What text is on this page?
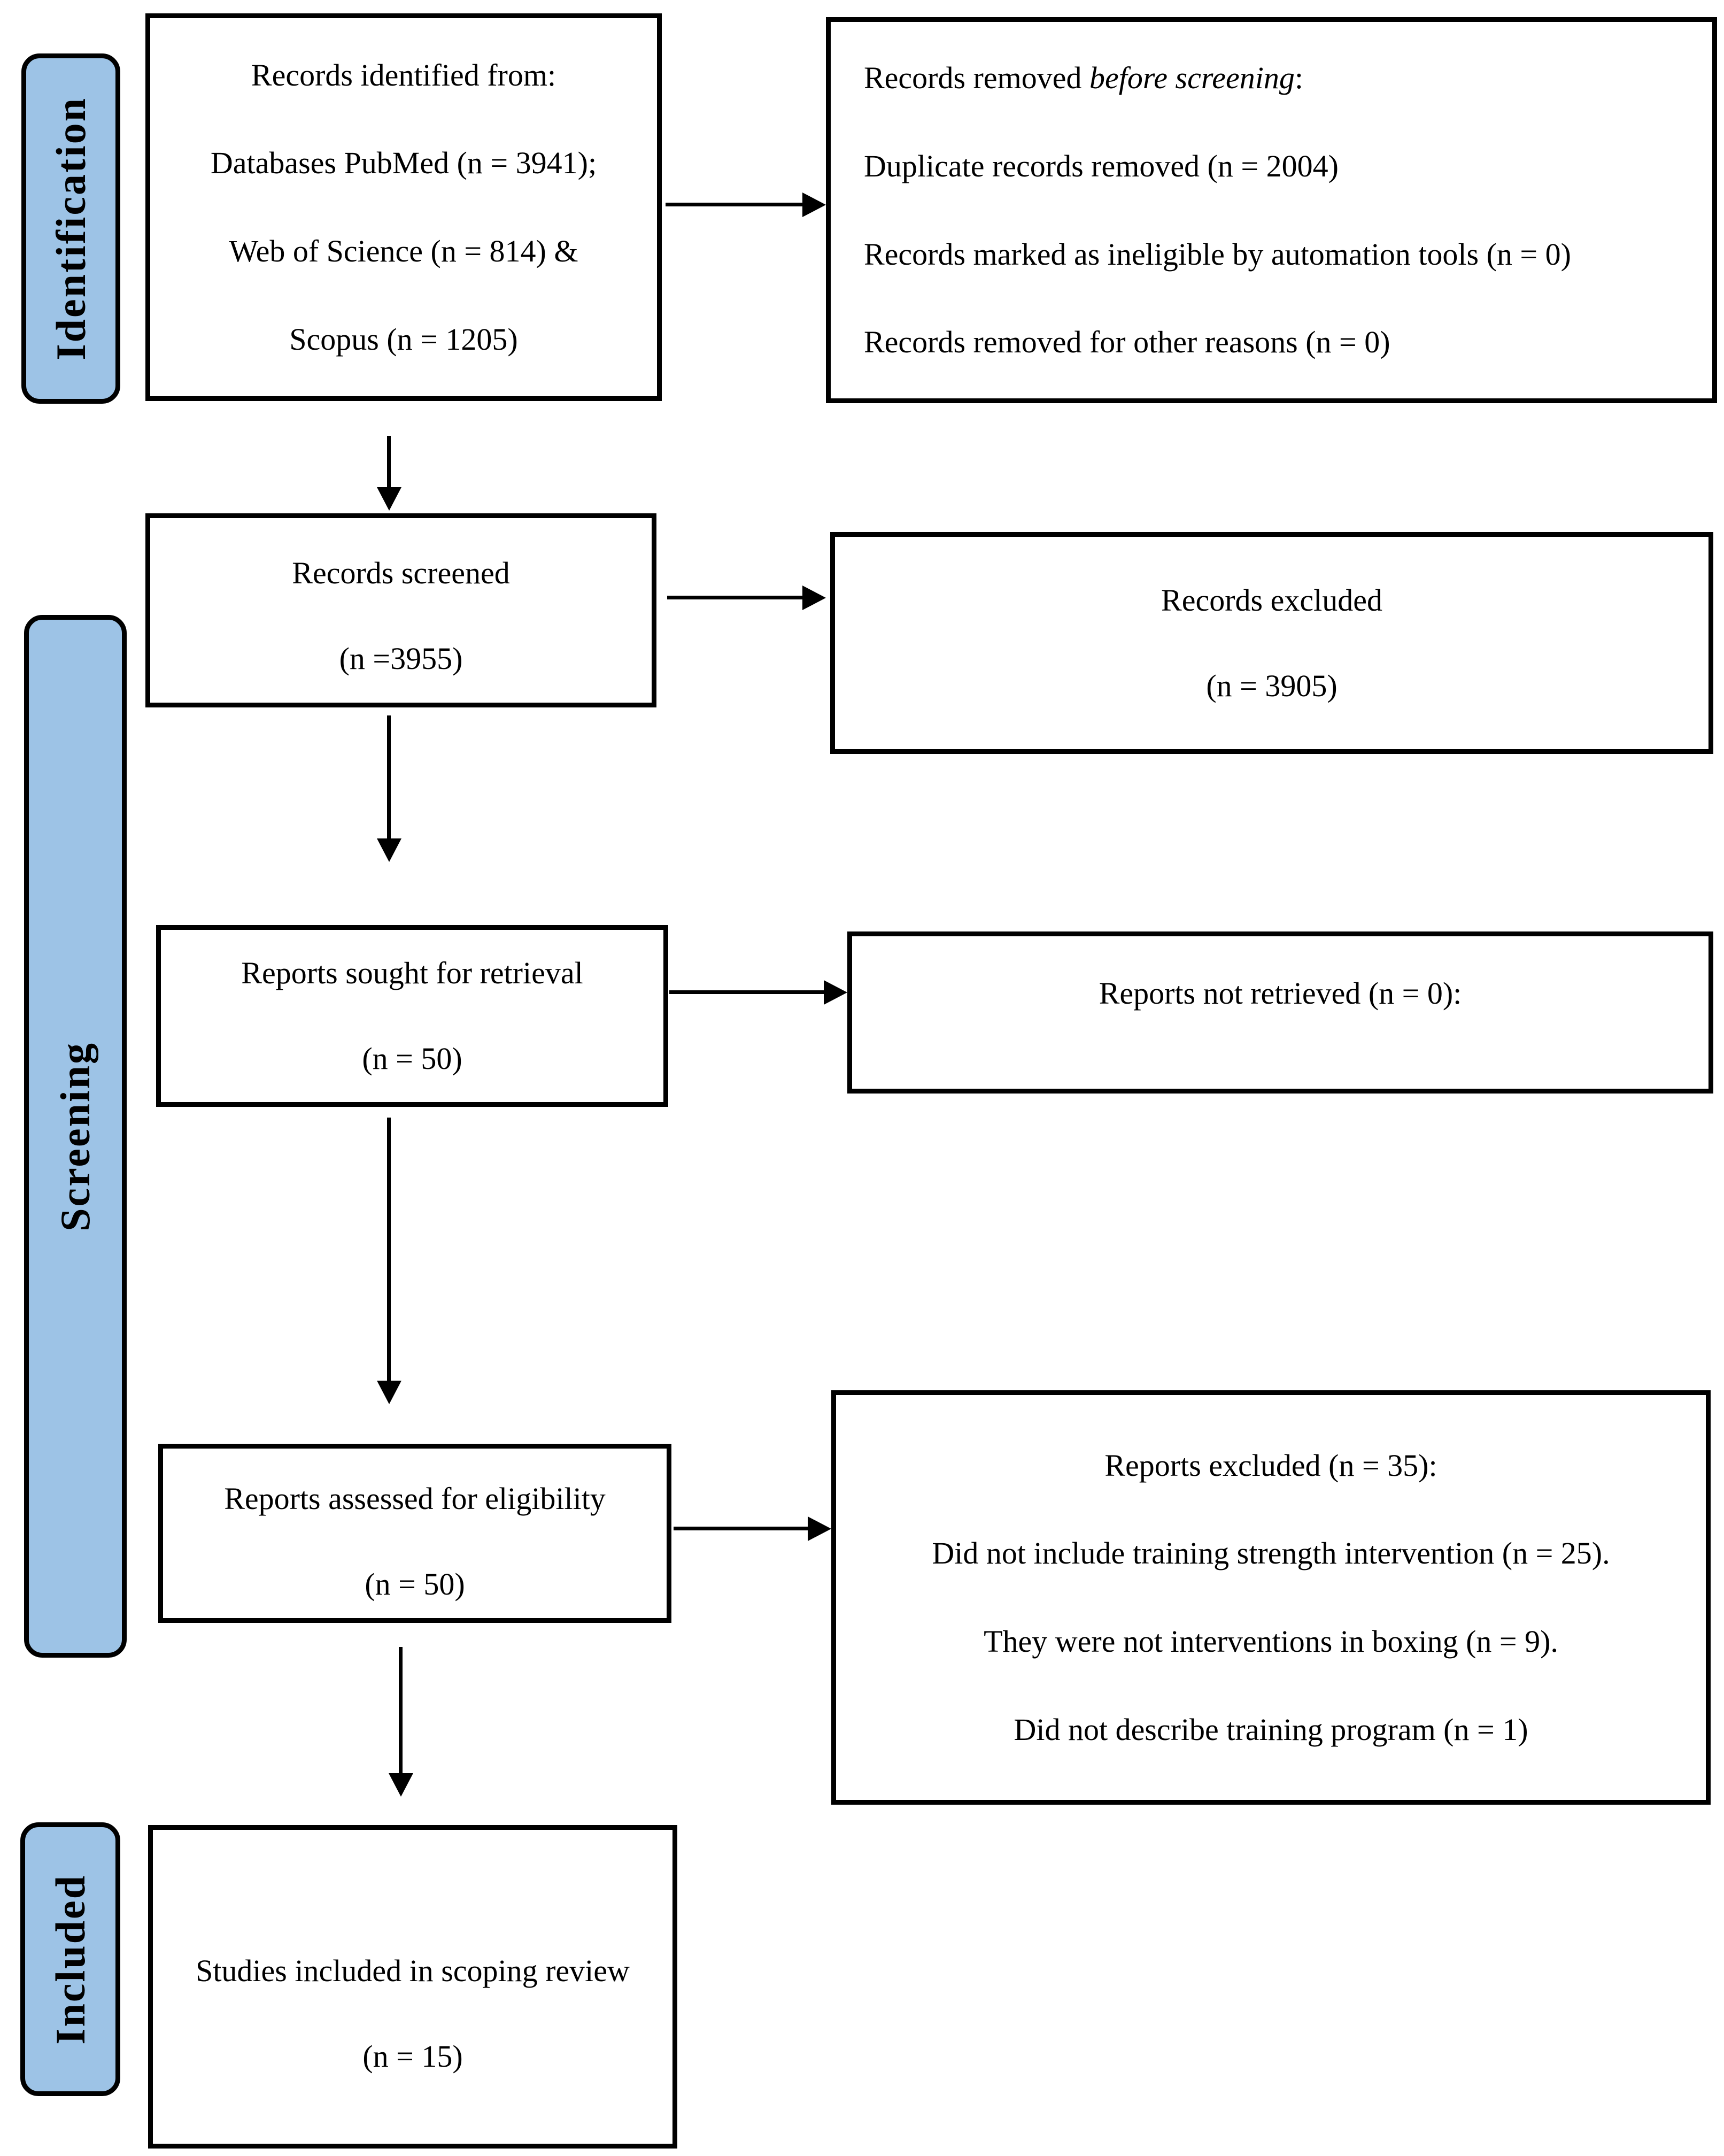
Identification
Screening
Included
Records identified from:
Databases PubMed (n = 3941);
Web of Science (n = 814) &
Scopus (n = 1205)
Records removed before screening:
Duplicate records removed (n = 2004)
Records marked as ineligible by automation tools (n = 0)
Records removed for other reasons (n = 0)
Records screened
(n =3955)
Records excluded
(n = 3905)
Reports sought for retrieval
(n = 50)
Reports not retrieved (n = 0):
Reports assessed for eligibility
(n = 50)
Reports excluded (n = 35):
Did not include training strength intervention (n = 25).
They were not interventions in boxing (n = 9).
Did not describe training program (n = 1)
Studies included in scoping review
(n = 15)
